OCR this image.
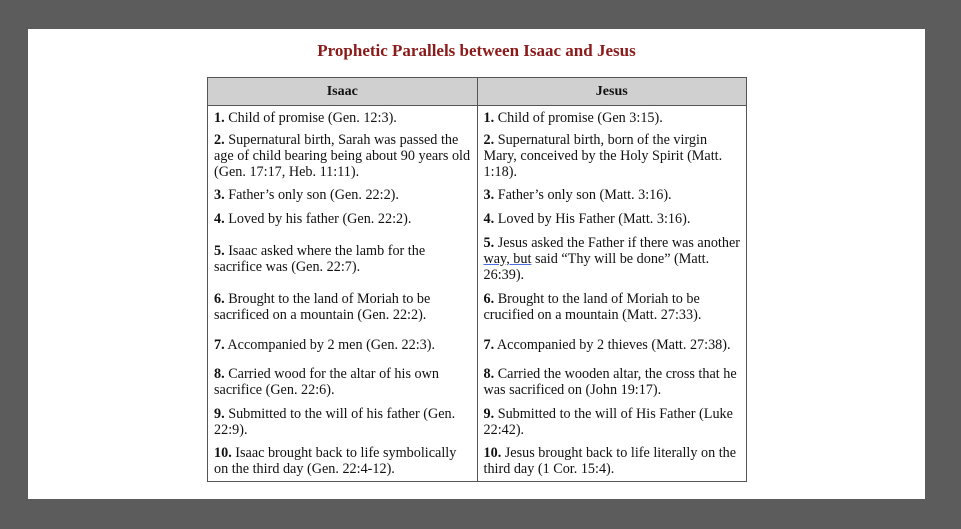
Prophetic Parallels between Isaac and Jesus
Isaac	Jesus
1. Child of promise (Gen. 12:3).	1. Child of promise (Gen 3:15).
2. Supernatural birth, Sarah was passed the age of child bearing being about 90 years old (Gen. 17:17, Heb. 11:11).	2. Supernatural birth, born of the virgin Mary, conceived by the Holy Spirit (Matt. 1:18).
3. Father’s only son (Gen. 22:2).	3. Father’s only son (Matt. 3:16).
4. Loved by his father (Gen. 22:2).	4. Loved by His Father (Matt. 3:16).
5. Isaac asked where the lamb for the sacrifice was (Gen. 22:7).	5. Jesus asked the Father if there was another way, but said “Thy will be done” (Matt. 26:39).
6. Brought to the land of Moriah to be sacrificed on a mountain (Gen. 22:2).	6. Brought to the land of Moriah to be crucified on a mountain (Matt. 27:33).
7. Accompanied by 2 men (Gen. 22:3).	7. Accompanied by 2 thieves (Matt. 27:38).
8. Carried wood for the altar of his own sacrifice (Gen. 22:6).	8. Carried the wooden altar, the cross that he was sacrificed on (John 19:17).
9. Submitted to the will of his father (Gen. 22:9).	9. Submitted to the will of His Father (Luke 22:42).
10. Isaac brought back to life symbolically on the third day (Gen. 22:4-12).	10. Jesus brought back to life literally on the third day (1 Cor. 15:4).
